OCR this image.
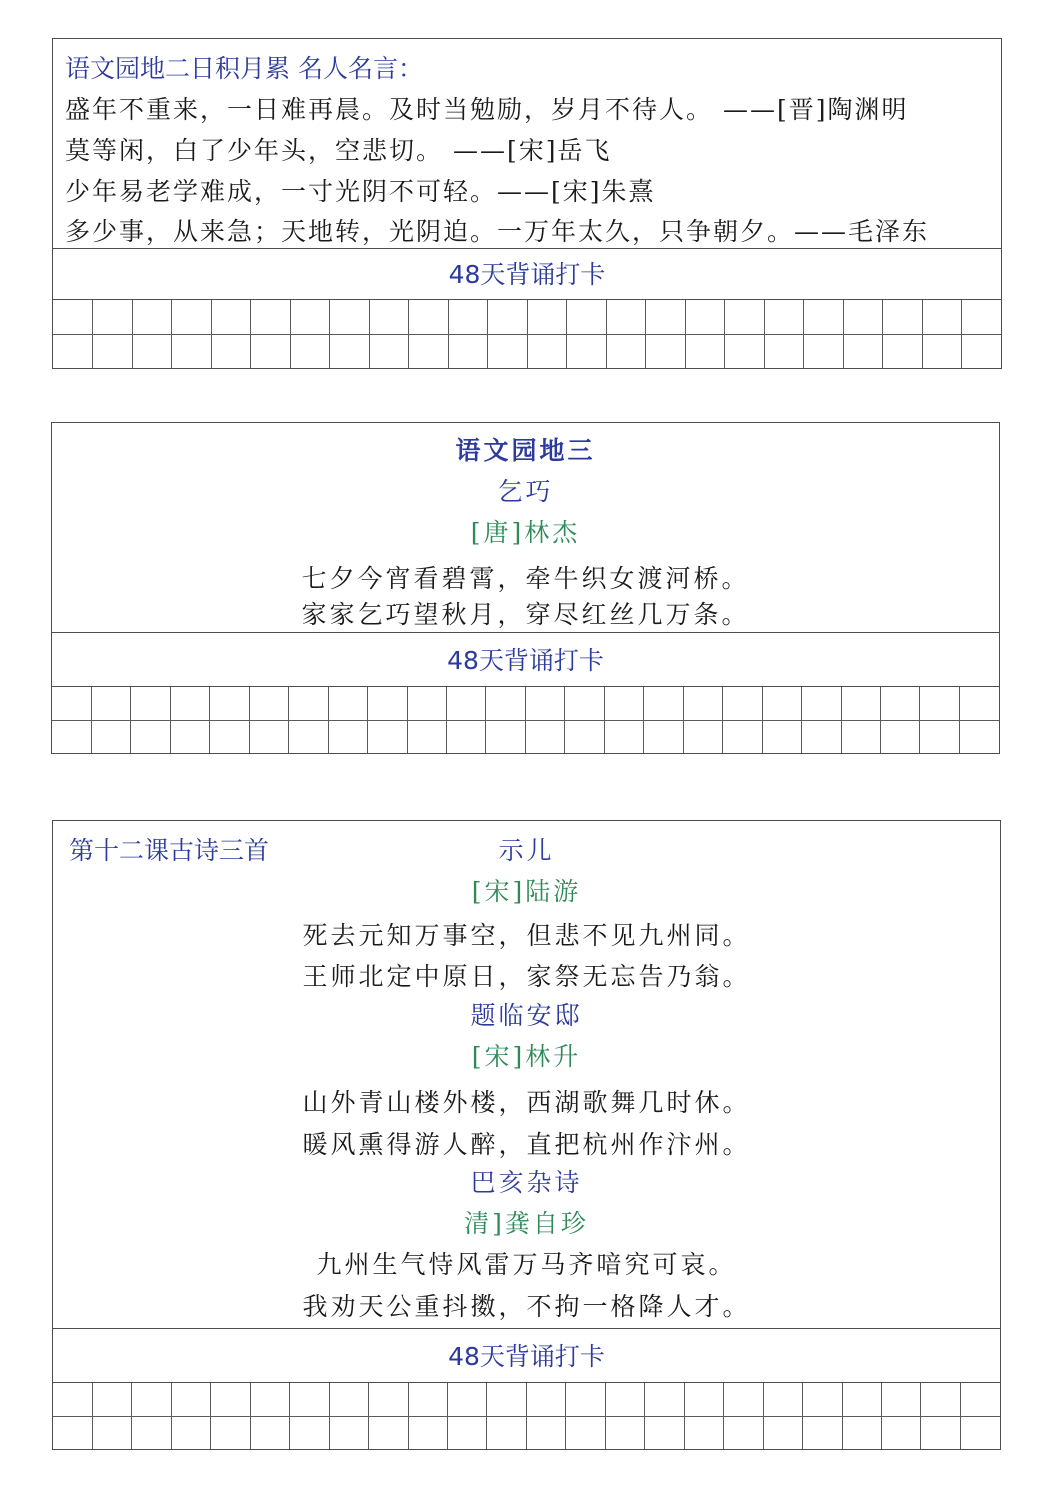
语文园地二日积月累 名人名言：
盛年不重来，一日难再晨。及时当勉励，岁月不待人。 ——[晋]陶渊明
莫等闲，白了少年头，空悲切。 ——[宋]岳飞
少年易老学难成，一寸光阴不可轻。——[宋]朱熹
多少事，从来急；天地转，光阴迫。一万年太久，只争朝夕。——毛泽东
48天背诵打卡

语文园地三
乞巧
[唐]林杰
七夕今宵看碧霄，牵牛织女渡河桥。
家家乞巧望秋月，穿尽红丝几万条。
48天背诵打卡

第十二课古诗三首	示儿
[宋]陆游
死去元知万事空，但悲不见九州同。
王师北定中原日，家祭无忘告乃翁。
题临安邸
[宋]林升
山外青山楼外楼，西湖歌舞几时休。
暖风熏得游人醉，直把杭州作汴州。
巴亥杂诗
清]龚自珍
九州生气恃风雷万马齐喑究可哀。
我劝天公重抖擞，不拘一格降人才。
48天背诵打卡
